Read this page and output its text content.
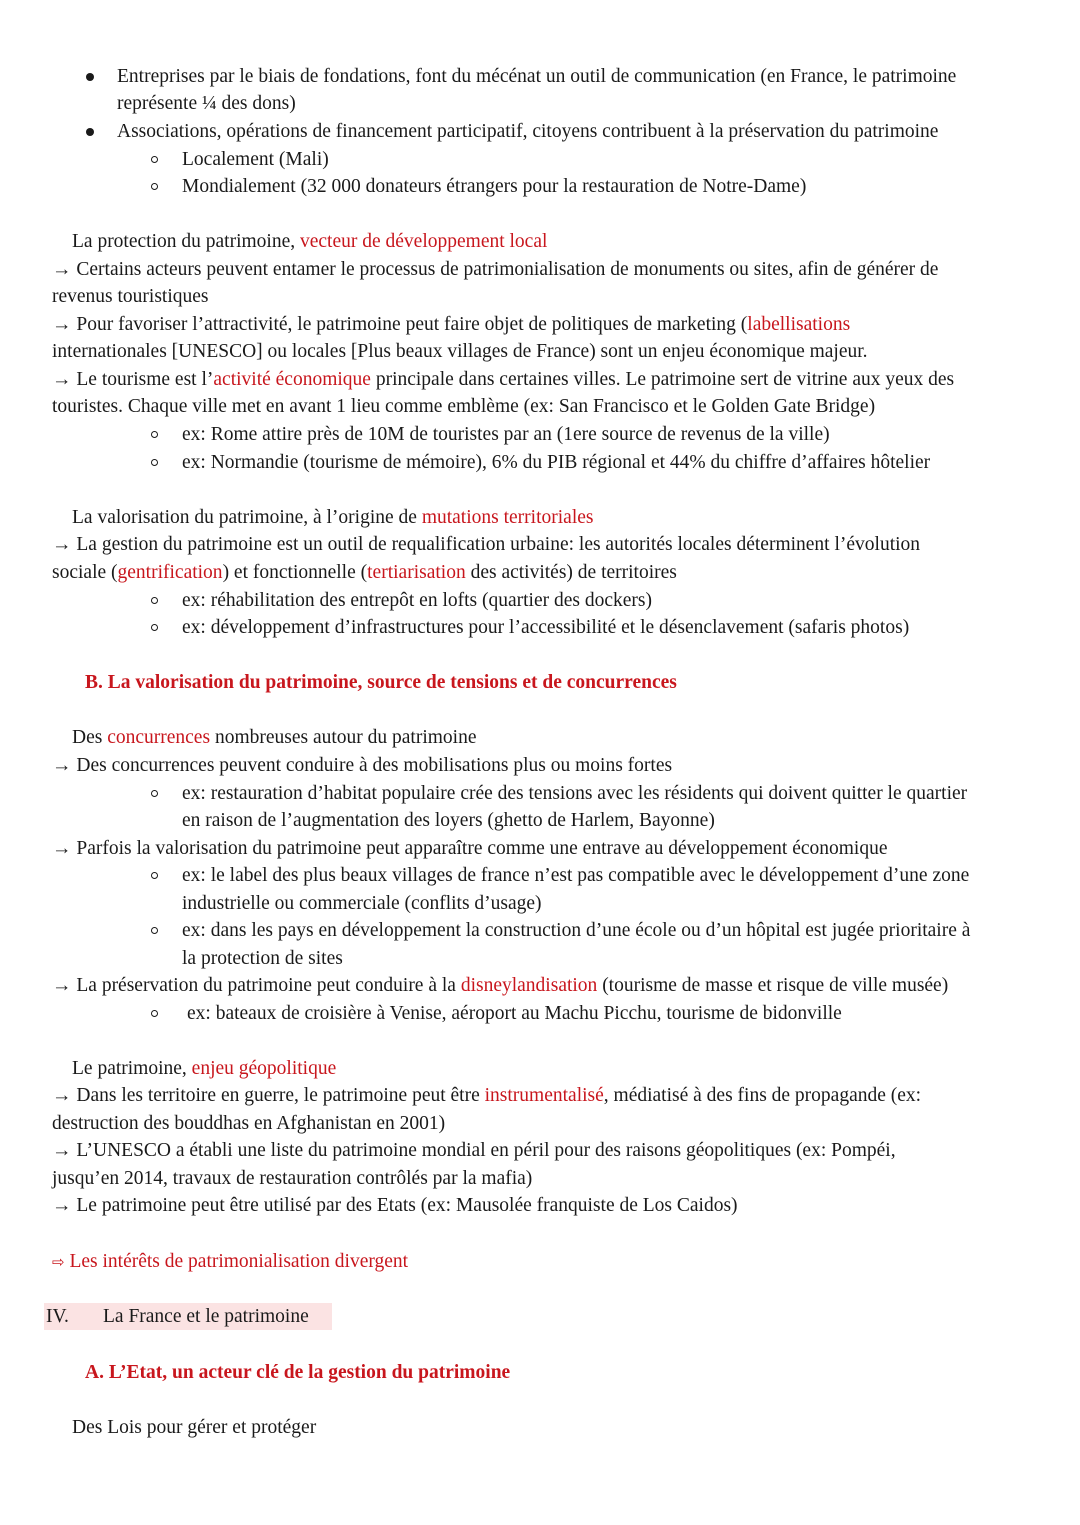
Entreprises par le biais de fondations, font du mécénat un outil de communication (en France, le patrimoine
représente ¼ des dons)
Associations, opérations de financement participatif, citoyens contribuent à la préservation du patrimoine
Localement (Mali)
Mondialement (32 000 donateurs étrangers pour la restauration de Notre-Dame)
La protection du patrimoine, vecteur de développement local
→ Certains acteurs peuvent entamer le processus de patrimonialisation de monuments ou sites, afin de générer de
revenus touristiques
→ Pour favoriser l’attractivité, le patrimoine peut faire objet de politiques de marketing (labellisations
internationales [UNESCO] ou locales [Plus beaux villages de France) sont un enjeu économique majeur.
→ Le tourisme est l’activité économique principale dans certaines villes. Le patrimoine sert de vitrine aux yeux des
touristes. Chaque ville met en avant 1 lieu comme emblème (ex: San Francisco et le Golden Gate Bridge)
ex: Rome attire près de 10M de touristes par an (1ere source de revenus de la ville)
ex: Normandie (tourisme de mémoire), 6% du PIB régional et 44% du chiffre d’affaires hôtelier
La valorisation du patrimoine, à l’origine de mutations territoriales
→ La gestion du patrimoine est un outil de requalification urbaine: les autorités locales déterminent l’évolution
sociale (gentrification) et fonctionnelle (tertiarisation des activités) de territoires
ex: réhabilitation des entrepôt en lofts (quartier des dockers)
ex: développement d’infrastructures pour l’accessibilité et le désenclavement (safaris photos)
B. La valorisation du patrimoine, source de tensions et de concurrences
Des concurrences nombreuses autour du patrimoine
→ Des concurrences peuvent conduire à des mobilisations plus ou moins fortes
ex: restauration d’habitat populaire crée des tensions avec les résidents qui doivent quitter le quartier
en raison de l’augmentation des loyers (ghetto de Harlem, Bayonne)
→ Parfois la valorisation du patrimoine peut apparaître comme une entrave au développement économique
ex: le label des plus beaux villages de france n’est pas compatible avec le développement d’une zone
industrielle ou commerciale (conflits d’usage)
ex: dans les pays en développement la construction d’une école ou d’un hôpital est jugée prioritaire à
la protection de sites
→ La préservation du patrimoine peut conduire à la disneylandisation (tourisme de masse et risque de ville musée)
ex: bateaux de croisière à Venise, aéroport au Machu Picchu, tourisme de bidonville
Le patrimoine, enjeu géopolitique
→ Dans les territoire en guerre, le patrimoine peut être instrumentalisé, médiatisé à des fins de propagande (ex:
destruction des bouddhas en Afghanistan en 2001)
→ L’UNESCO a établi une liste du patrimoine mondial en péril pour des raisons géopolitiques (ex: Pompéi,
jusqu’en 2014, travaux de restauration contrôlés par la mafia)
→ Le patrimoine peut être utilisé par des Etats (ex: Mausolée franquiste de Los Caidos)
⇨ Les intérêts de patrimonialisation divergent
IV. La France et le patrimoine
A. L’Etat, un acteur clé de la gestion du patrimoine
Des Lois pour gérer et protéger
